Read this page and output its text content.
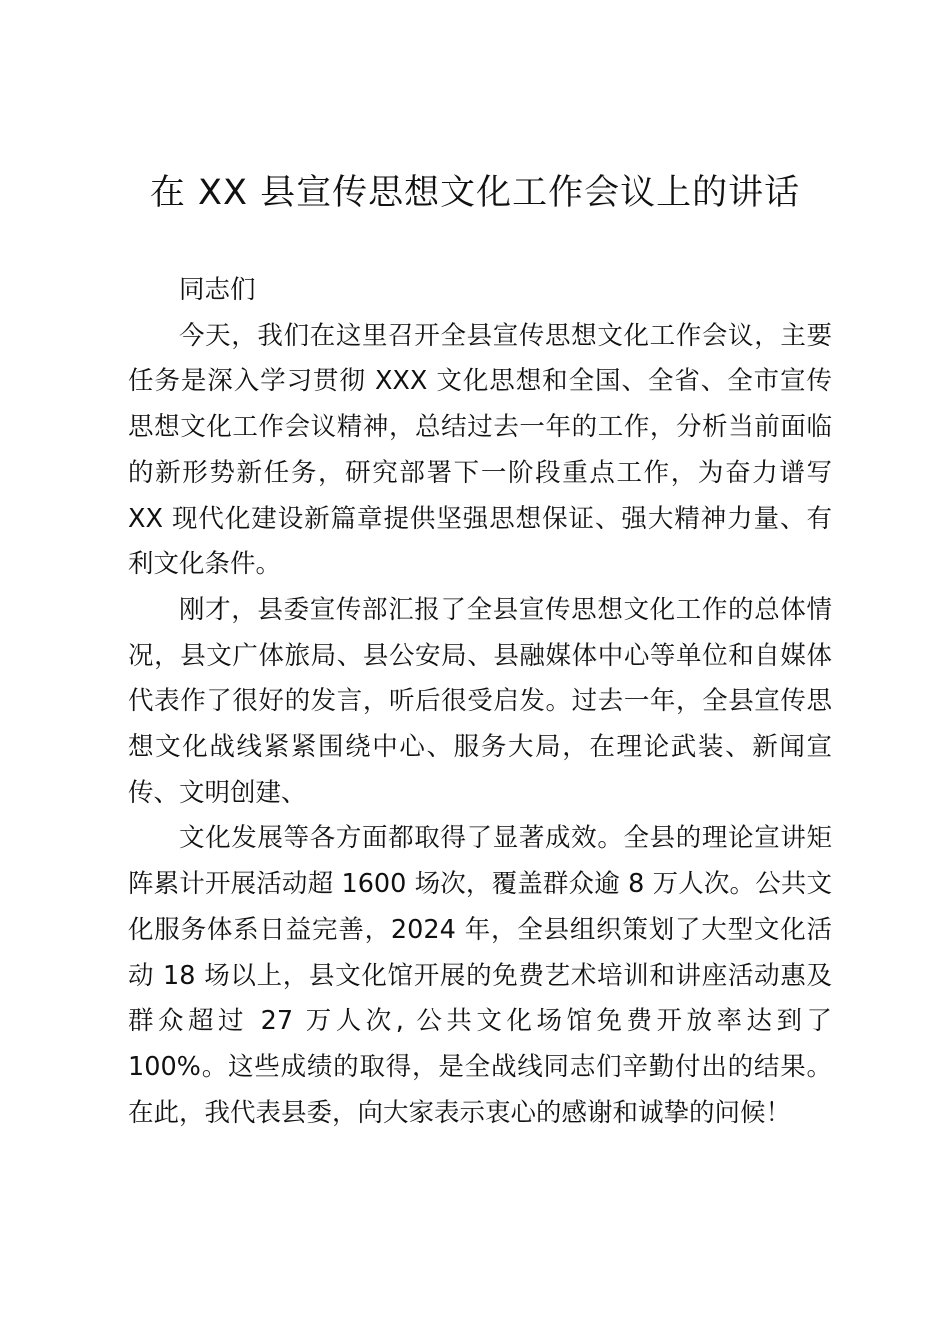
在 XX 县宣传思想文化工作会议上的讲话

同志们

今天，我们在这里召开全县宣传思想文化工作会议，主要任务是深入学习贯彻 XXX 文化思想和全国、全省、全市宣传思想文化工作会议精神，总结过去一年的工作，分析当前面临的新形势新任务，研究部署下一阶段重点工作，为奋力谱写 XX 现代化建设新篇章提供坚强思想保证、强大精神力量、有利文化条件。

刚才，县委宣传部汇报了全县宣传思想文化工作的总体情况，县文广体旅局、县公安局、县融媒体中心等单位和自媒体代表作了很好的发言，听后很受启发。过去一年，全县宣传思想文化战线紧紧围绕中心、服务大局，在理论武装、新闻宣传、文明创建、

文化发展等各方面都取得了显著成效。全县的理论宣讲矩阵累计开展活动超 1600 场次，覆盖群众逾 8 万人次。公共文化服务体系日益完善，2024 年，全县组织策划了大型文化活动 18 场以上，县文化馆开展的免费艺术培训和讲座活动惠及群众超过 27 万人次, 公共文化场馆免费开放率达到了 100%。这些成绩的取得，是全战线同志们辛勤付出的结果。在此，我代表县委，向大家表示衷心的感谢和诚挚的问候！
